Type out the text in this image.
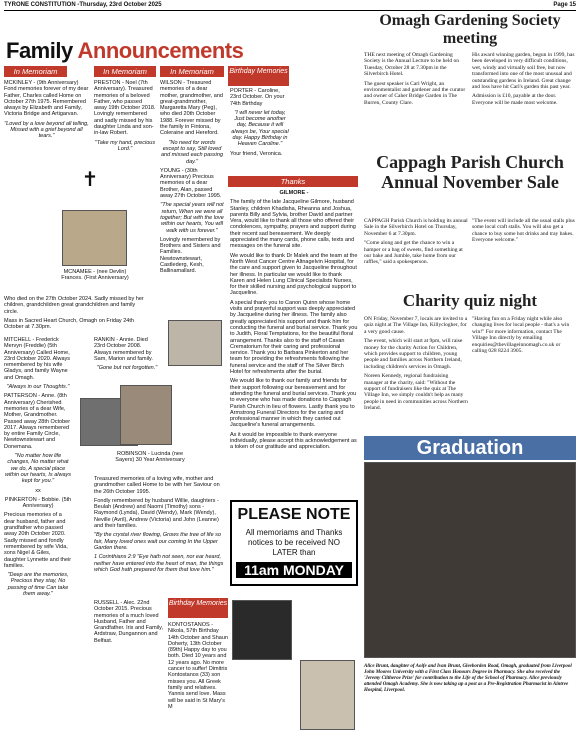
TYRONE CONSTITUTION -Thursday, 23rd October 2025	Page 15
Family Announcements
In Memoriam	In Memoriam	In Memoriam	Birthday Memories

MCKINLEY - (9th Anniversary) Fond memories forever of my dear Father, Charles called Home on October 27th 1975. Remembered always by Elizabeth and Family, Victoria Bridge and Artigarvan.

"Loved by a love beyond all telling, Missed with a grief beyond all tears."

✝
MCNAMEE - (nee Devlin) Frances. (First Anniversary)

Who died on the 27th October 2024. Sadly missed by her children, grandchildren great grandchildren and family circle.

Mass in Sacred Heart Church, Omagh on Friday 24th October at 7.30pm.

MITCHELL - Frederick Mervyn (Freddie) (5th Anniversary) Called Home, 23rd October 2020. Always remembered by his wife Gladys, and family Wayne and Omagh.

"Always in our Thoughts."

PATTERSON - Anne. (8th Anniversary) Cherished memories of a dear Wife, Mother, Grandmother. Passed away 28th October 2017. Always remembered by entire Family Circle, Newtownstewart and Donemana.

"No matter how life changes, No matter what we do, A special place within our hearts, Is always kept for you."

xx

PINKERTON - Bobbie. (5th Anniversary)

Precious memories of a dear husband, father and grandfather who passed away 20th October 2020. Sadly missed and fondly remembered by wife Vida, sons Nigel & Giles, daughter Lynnette and their families.

"Deep are the memories, Precious they stay, No passing of time Can take them away."

PRESTON - Noel (7th Anniversary). Treasured memories of a beloved Father, who passed away 19th October 2018. Lovingly remembered and sadly missed by his daughter Linda and son-in-law Robert.

"Take my hand, precious Lord."

RANKIN - Annie. Died 23rd October 2008. Always remembered by Sam, Marion and family.

"Gone but not forgotten."

ROBINSON - Lucinda (nee Sayers) 30 Year Anniversary

Treasured memories of a loving wife, mother and grandmother called Home to be with her Saviour on the 26th October 1995.

Fondly remembered by husband Willie, daughters - Beulah (Andrew) and Naomi (Timothy) sons - Raymond (Lynda), David (Wendy), Mark (Wendy), Neville (Avril), Andrew (Victoria) and John (Leanne) and their families.

"By the crystal river flowing, Grows the tree of life so fair, Many loved ones wait our coming In the Upper Garden there.

1 Corinthians 2:9 "Eye hath not seen, nor ear heard, neither have entered into the heart of man, the things which God hath prepared for them that love him."

RUSSELL - Alec. 22nd October 2015. Precious memories of a much loved Husband, Father and Grandfather. Iris and Family, Ardstraw, Dungannon and Belfast.

WILSON - Treasured memories of a dear mother, grandmother, and great-grandmother, Margaretta Mary (Peg), who died 20th October 1988. Forever missed by the family in Fintona, Coleraine and Hereford.

"No need for words except to say, Still loved and missed each passing day."

YOUNG - (30th Anniversary) Precious memories of a dear Brother, Alan, passed away 27th October 1995.

"The special years will not return, When we were all together; But with the love within our hearts, You will walk with us forever."

Lovingly remembered by Brothers and Sisters and Families. Newtownstewart, Castlederg, Kesh, Ballinamallard.

Birthday Memories

KONTOSTANOS - Nikola, 57th Birthday 14th October and Shaun Doherty, 13th October (89th) Happy day to you both. Died 10 years and 12 years ago. No more cancer to suffer! Dimitris Kontostanos (33) son misses you. All Greek family and relatives. Yannis send love. Mass will be said in St Mary's M

PORTER - Caroline, 23rd October. On your 74th Birthday

"I will never let today, Just become another day, Because it will always be, Your special day. Happy Birthday in Heaven Caroline."

Your friend, Veronica.

Thanks

GILMORE -

The family of the late Jacqueline Gilmore, husband Stanley, children Khadisha, Rheanna and Joshua, parents Billy and Sylvia, brother David and partner Vera, would like to thank all those who offered their condolences, sympathy, prayers and support during their recent sad bereavement. We deeply appreciated the many cards, phone calls, texts and messages on the funeral site.

We would like to thank Dr Malek and the team at the North West Cancer Centre Altnagelvin Hospital, for the care and support given to Jacqueline throughout her illness. In particular we would like to thank Karen and Helen Lung Clinical Specialists Nurses, for their skilled nursing and psychological support to Jacqueline.

A special thank you to Canon Quinn whose home visits and prayerful support was deeply appreciated by Jacqueline during her illness. The family also greatly appreciated his support and thank him for conducting the funeral and burial service. Thank you to Judith, Floral Temptations, for the beautiful floral arrangement. Thanks also to the staff of Cavan Crematorium for their caring and professional service. Thank you to Barbara Pinkerton and her team for providing the refreshments following the funeral service and the staff of The Silver Birch Hotel for refreshments after the burial.

We would like to thank our family and friends for their support following our bereavement and for attending the funeral and burial services. Thank you to everyone who has made donations to Cappagh Parish Church in lieu of flowers. Lastly thank you to Armstrong Funeral Directors for the caring and professional manner in which they carried out Jacqueline's funeral arrangements.

As it would be impossible to thank everyone individually, please accept this acknowledgement as a token of our gratitude and appreciation.

PLEASE NOTE
All memoriams and Thanks notices to be received NO LATER than
11am MONDAY
Omagh Gardening Society meeting

THE next meeting of Omagh Gardening Society is the Annual Lecture to be held on Tuesday, October 28 at 7.30pm in the Silverbirch Hotel.

The guest speaker is Carl Wright, an environmentalist and gardener and the curator and owner of Caher Bridge Garden in The Burren, County Clare.

His award winning garden, begun in 1999, has been developed in very difficult conditions, wet, windy and virtually soil free, but now transformed into one of the most unusual and outstanding gardens in Ireland. Great change and loss have hit Carl's garden this past year.

Admission is £10, payable at the door. Everyone will be made most welcome.

Cappagh Parish Church Annual November Sale

CAPPAGH Parish Church is holding its annual Sale in the Silverbirch Hotel on Thursday, November 6 at 7.30pm.

"Come along and get the chance to win a hamper or a bag of sweets, find something at our bake and Jumble, take home from our raffles," said a spokesperson.

"The event will include all the usual stalls plus some local craft stalls. You will also get a chance to buy some hot drinks and tray bakes. Everyone welcome."

Charity quiz night

ON Friday, November 7, locals are invited to a quiz night at The Village Inn, Killyclogher, for a very good cause.

The event, which will start at 9pm, will raise money for the charity Action for Children, which provides support to children, young people and families across Northern Ireland, including children's services in Omagh.

Noreen Kennedy, regional fundraising manager at the charity, said: "Without the support of fundraisers like the quiz at The Village Inn, we simply couldn't help as many people in need in communities across Northern Ireland.

"Having fun on a Friday night while also changing lives for local people - that's a win win!" For more information, contact The Village Inn directly by emailing enquiries@thevillageinnomagh.co.uk or calling 028 8224 3905.

Graduation
Alice Brunt, daughter of Aoife and Ivan Brunt, Gleeborden Road, Omagh, graduated from Liverpool John Moores University with a First Class Honours Degree in Pharmacy. She also received the 'Jeremy Clitheroe Prize' for contribution to the Life of the School of Pharmacy. Alice previously attended Omagh Academy. She is now taking up a post as a Pre-Registration Pharmacist in Aintree Hospital, Liverpool.
